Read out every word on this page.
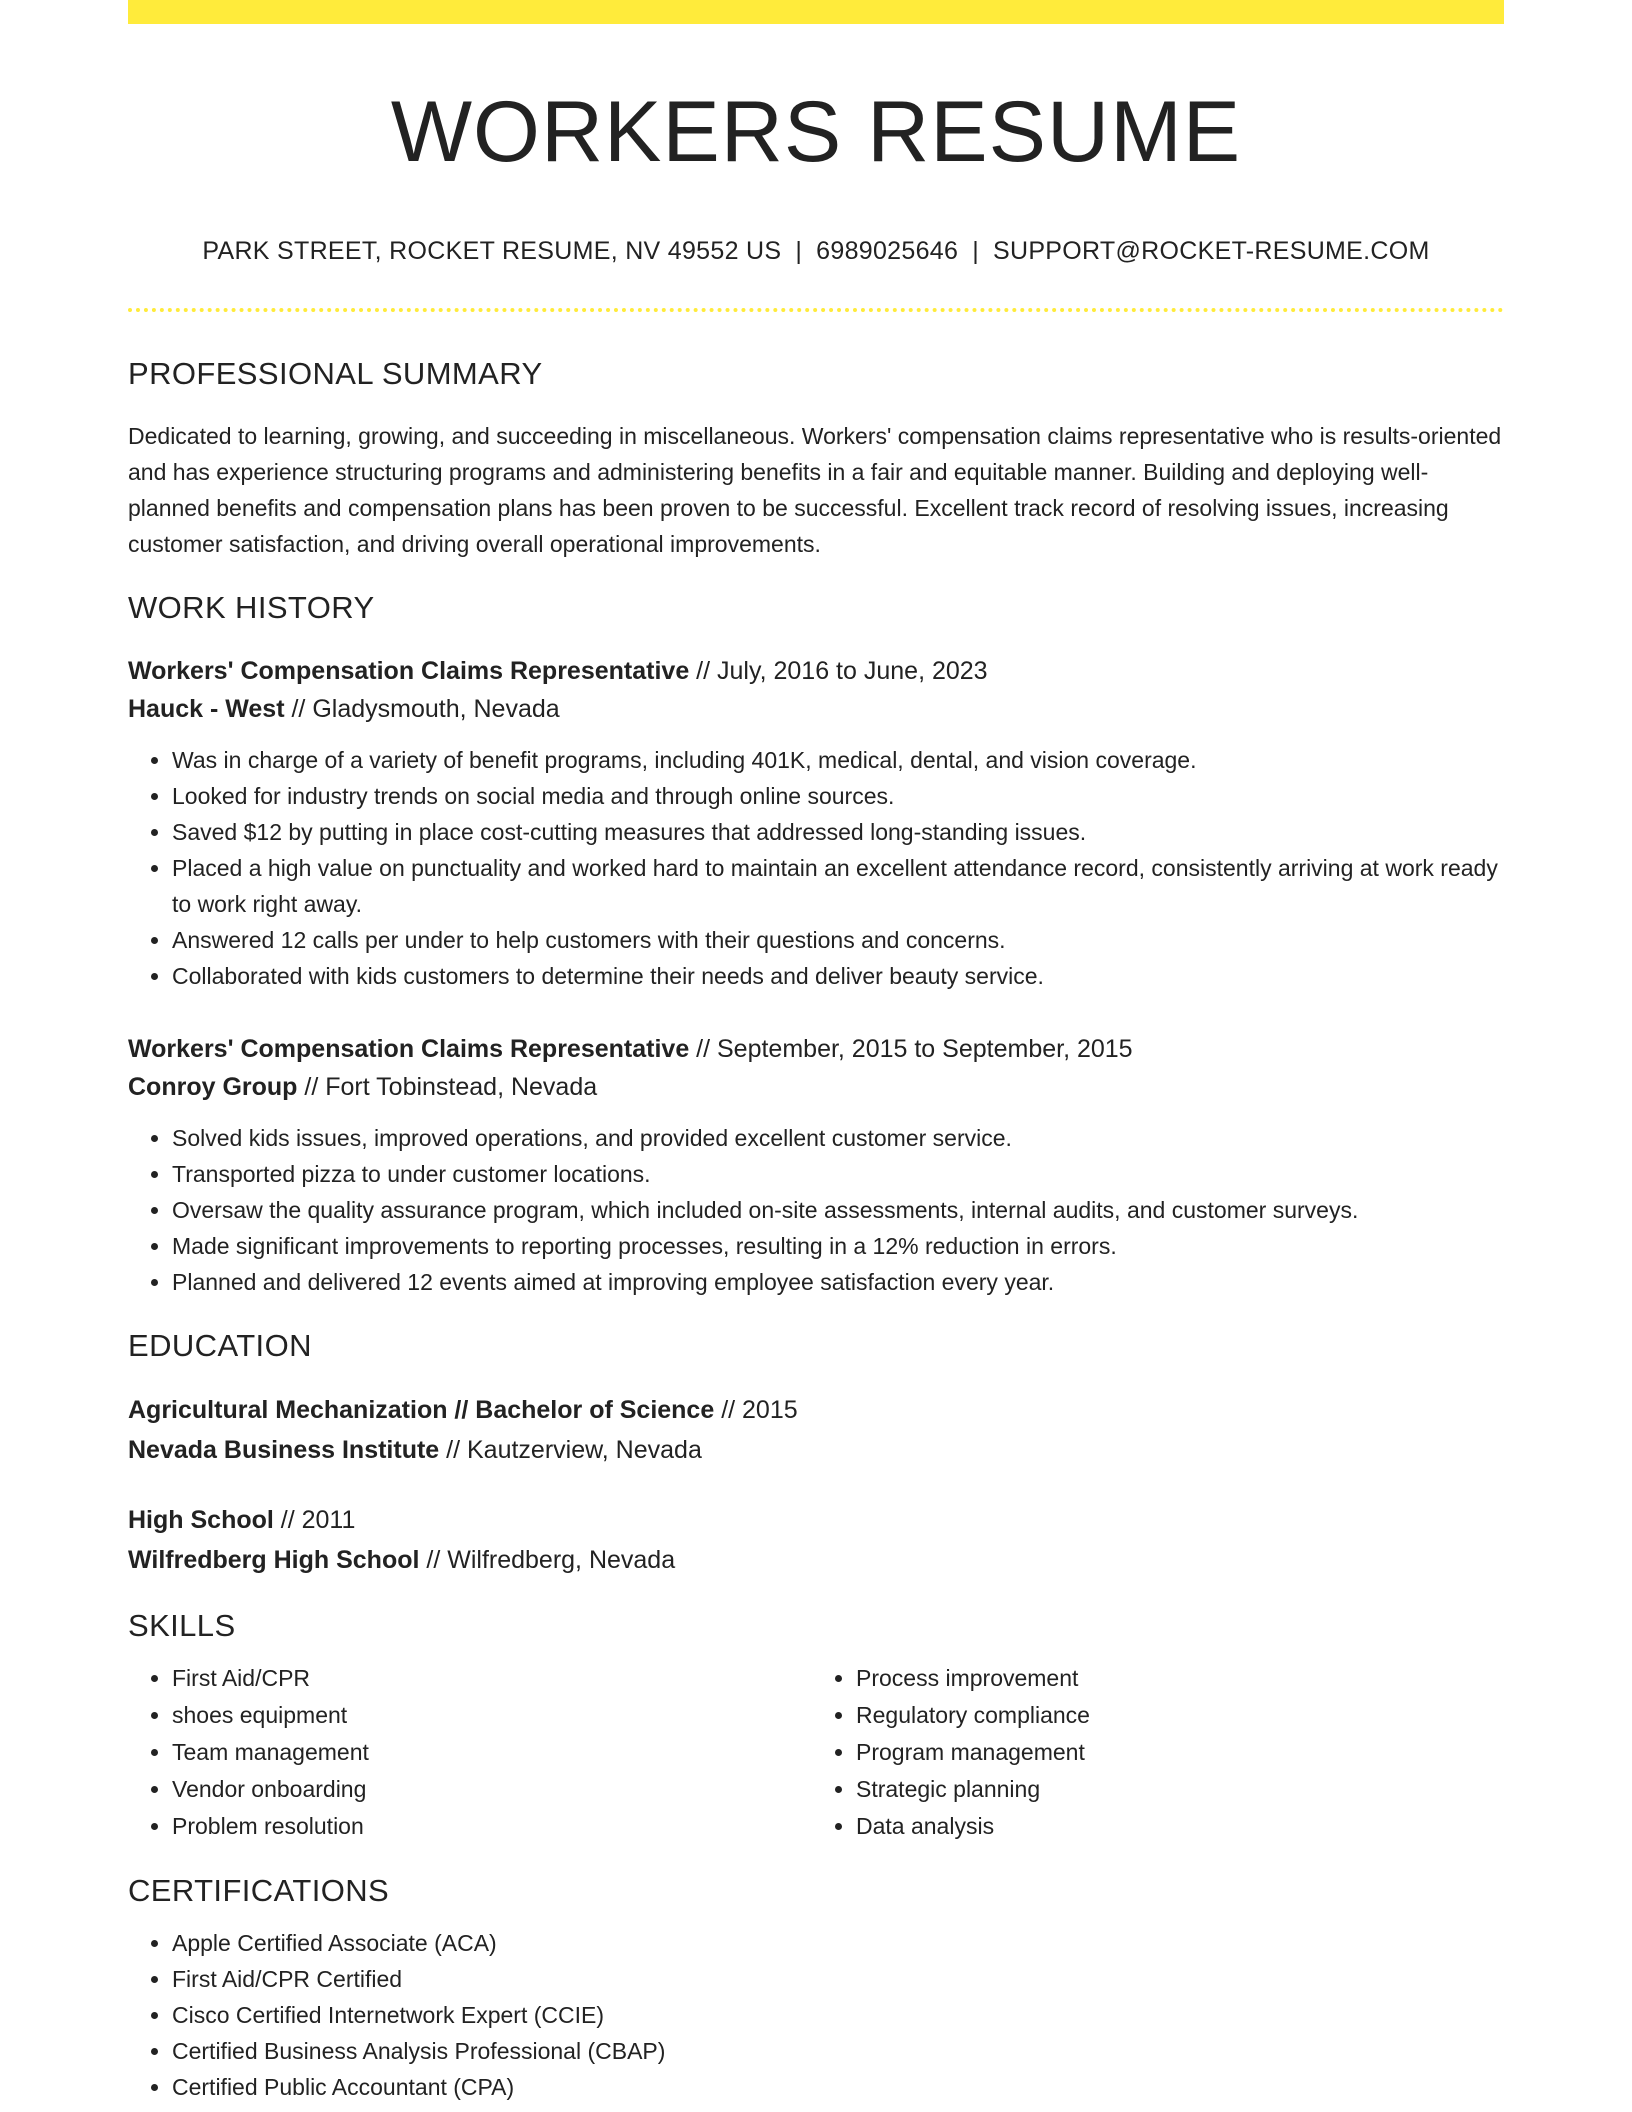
WORKERS RESUME
PARK STREET, ROCKET RESUME, NV 49552 US | 6989025646 | SUPPORT@ROCKET-RESUME.COM
PROFESSIONAL SUMMARY

Dedicated to learning, growing, and succeeding in miscellaneous. Workers' compensation claims representative who is results-oriented and has experience structuring programs and administering benefits in a fair and equitable manner. Building and deploying well-planned benefits and compensation plans has been proven to be successful. Excellent track record of resolving issues, increasing customer satisfaction, and driving overall operational improvements.

WORK HISTORY
Workers' Compensation Claims Representative // July, 2016 to June, 2023
Hauck - West // Gladysmouth, Nevada
• Was in charge of a variety of benefit programs, including 401K, medical, dental, and vision coverage.
• Looked for industry trends on social media and through online sources.
• Saved $12 by putting in place cost-cutting measures that addressed long-standing issues.
• Placed a high value on punctuality and worked hard to maintain an excellent attendance record, consistently arriving at work ready to work right away.
• Answered 12 calls per under to help customers with their questions and concerns.
• Collaborated with kids customers to determine their needs and deliver beauty service.
Workers' Compensation Claims Representative // September, 2015 to September, 2015
Conroy Group // Fort Tobinstead, Nevada
• Solved kids issues, improved operations, and provided excellent customer service.
• Transported pizza to under customer locations.
• Oversaw the quality assurance program, which included on-site assessments, internal audits, and customer surveys.
• Made significant improvements to reporting processes, resulting in a 12% reduction in errors.
• Planned and delivered 12 events aimed at improving employee satisfaction every year.
EDUCATION
Agricultural Mechanization // Bachelor of Science // 2015
Nevada Business Institute // Kautzerview, Nevada
High School // 2011
Wilfredberg High School // Wilfredberg, Nevada
SKILLS
• First Aid/CPR
• shoes equipment
• Team management
• Vendor onboarding
• Problem resolution
• Process improvement
• Regulatory compliance
• Program management
• Strategic planning
• Data analysis
CERTIFICATIONS
• Apple Certified Associate (ACA)
• First Aid/CPR Certified
• Cisco Certified Internetwork Expert (CCIE)
• Certified Business Analysis Professional (CBAP)
• Certified Public Accountant (CPA)
